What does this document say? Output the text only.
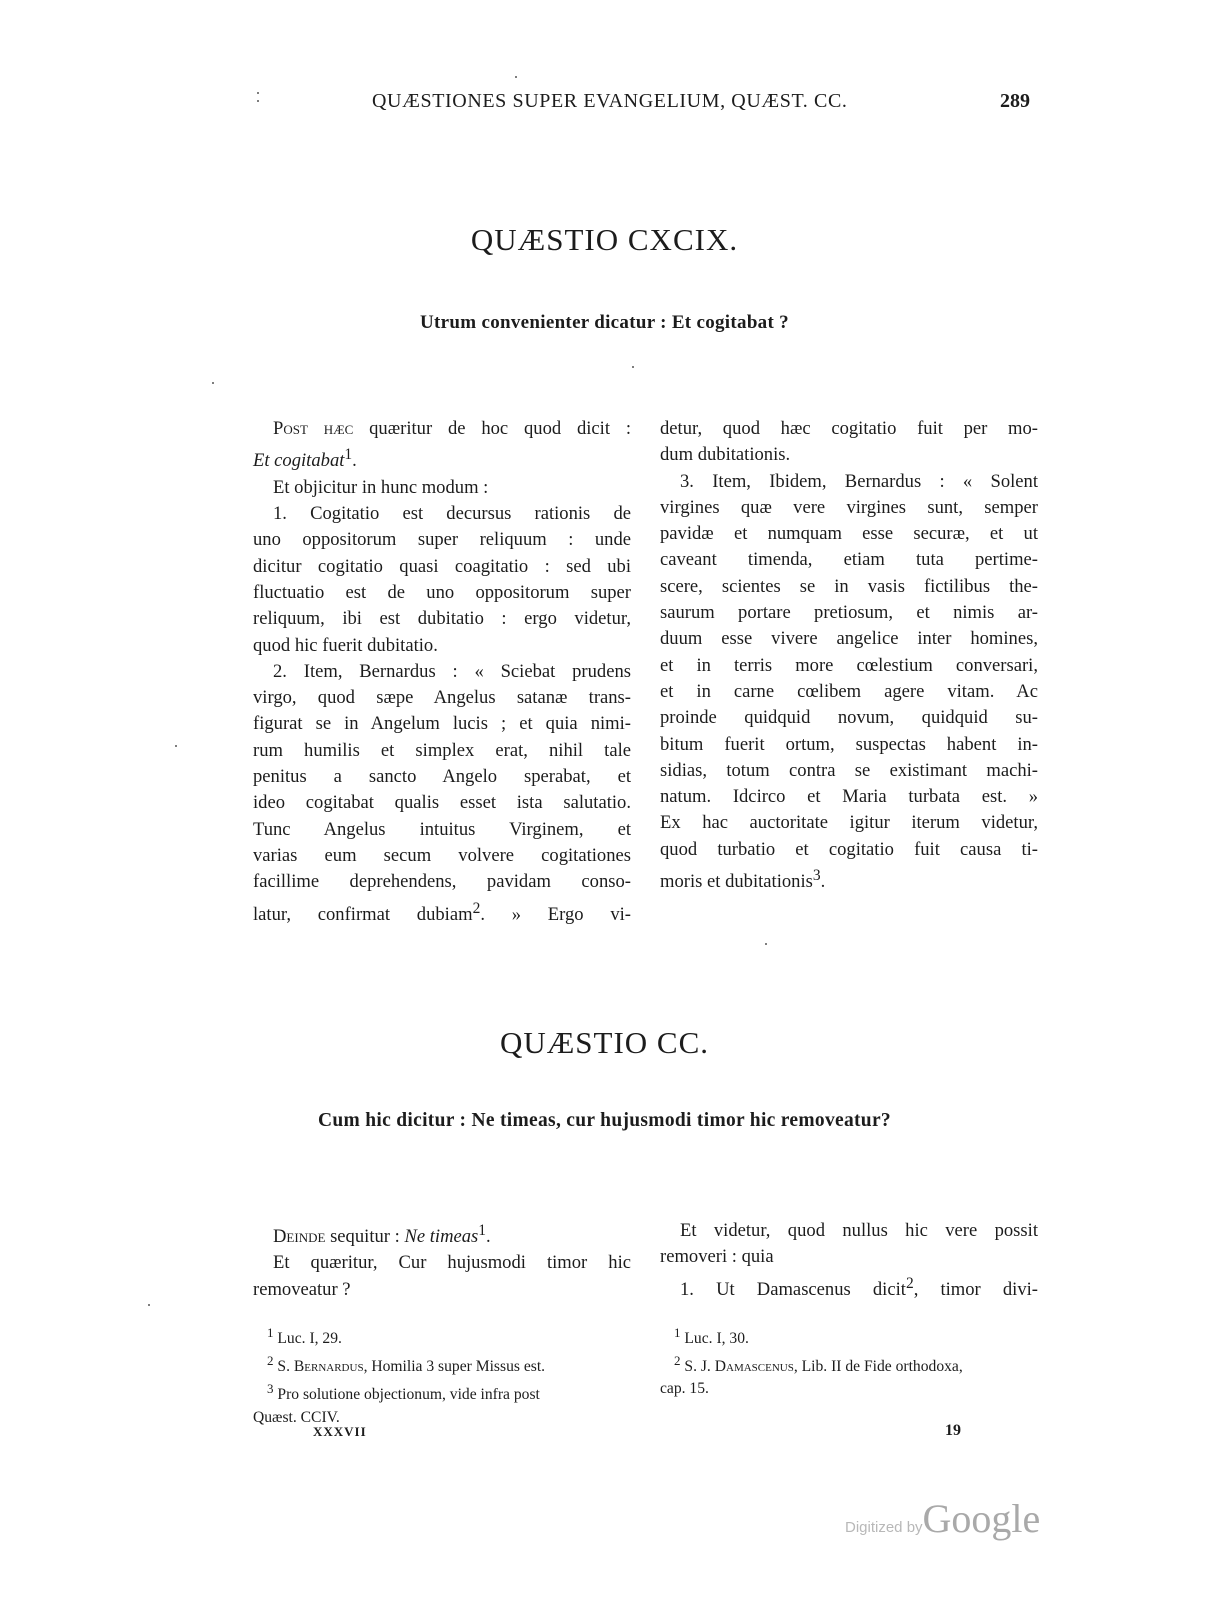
QUÆSTIONES SUPER EVANGELIUM, QUÆST. CC.	289
QUÆSTIO CXCIX.
Utrum convenienter dicatur : Et cogitabat ?

Post hæc quæritur de hoc quod dicit :

Et cogitabat$^1$.

Et objicitur in hunc modum :

1. Cogitatio est decursus rationis de

uno oppositorum super reliquum : unde

dicitur cogitatio quasi coagitatio : sed ubi

fluctuatio est de uno oppositorum super

reliquum, ibi est dubitatio : ergo videtur,

quod hic fuerit dubitatio.

2. Item, Bernardus : « Sciebat prudens

virgo, quod sæpe Angelus satanæ trans-

figurat se in Angelum lucis ; et quia nimi-

rum humilis et simplex erat, nihil tale

penitus a sancto Angelo sperabat, et

ideo cogitabat qualis esset ista salutatio.

Tunc Angelus intuitus Virginem, et

varias eum secum volvere cogitationes

facillime deprehendens, pavidam conso-

latur, confirmat dubiam$^2$. » Ergo vi-

detur, quod hæc cogitatio fuit per mo-

dum dubitationis.

3. Item, Ibidem, Bernardus : « Solent

virgines quæ vere virgines sunt, semper

pavidæ et numquam esse securæ, et ut

caveant timenda, etiam tuta pertime-

scere, scientes se in vasis fictilibus the-

saurum portare pretiosum, et nimis ar-

duum esse vivere angelice inter homines,

et in terris more cœlestium conversari,

et in carne cœlibem agere vitam. Ac

proinde quidquid novum, quidquid su-

bitum fuerit ortum, suspectas habent in-

sidias, totum contra se existimant machi-

natum. Idcirco et Maria turbata est. »

Ex hac auctoritate igitur iterum videtur,

quod turbatio et cogitatio fuit causa ti-

moris et dubitationis$^3$.

QUÆSTIO CC.
Cum hic dicitur : Ne timeas, cur hujusmodi timor hic removeatur?

Deinde sequitur : Ne timeas$^1$.

Et quæritur, Cur hujusmodi timor hic

removeatur ?

Et videtur, quod nullus hic vere possit

removeri : quia

1. Ut Damascenus dicit$^2$, timor divi-

$^1$ Luc. I, 29.

$^2$ S. Bernardus, Homilia 3 super Missus est.

$^3$ Pro solutione objectionum, vide infra post

Quæst. CCIV.

$^1$ Luc. I, 30.

$^2$ S. J. Damascenus, Lib. II de Fide orthodoxa,

cap. 15.

XXXVII	19
Digitized byGoogle
